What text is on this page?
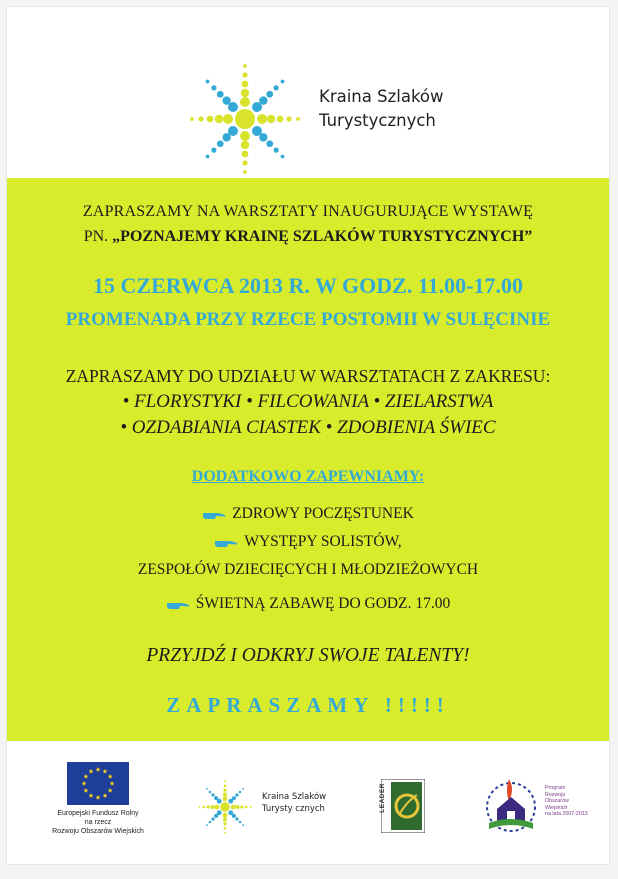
Kraina Szlaków
Turystycznych
ZAPRASZAMY NA WARSZTATY INAUGURUJĄCE WYSTAWĘ
PN. „POZNAJEMY KRAINĘ SZLAKÓW TURYSTYCZNYCH”
15 CZERWCA 2013 R. W GODZ. 11.00-17.00
PROMENADA PRZY RZECE POSTOMII W SULĘCINIE
ZAPRASZAMY DO UDZIAŁU W WARSZTATACH Z ZAKRESU:
• FLORYSTYKI • FILCOWANIA • ZIELARSTWA
• OZDABIANIA CIASTEK • ZDOBIENIA ŚWIEC
DODATKOWO ZAPEWNIAMY:
ZDROWY POCZĘSTUNEK
WYSTĘPY SOLISTÓW,
ZESPOŁÓW DZIECIĘCYCH I MŁODZIEŻOWYCH
ŚWIETNĄ ZABAWĘ DO GODZ. 17.00
PRZYJDŹ I ODKRYJ SWOJE TALENTY!
ZAPRASZAMY !!!!!
Europejski Fundusz Rolny
na rzecz
Rozwoju Obszarów Wiejskich
Kraina Szlaków
Turysty cznych	LEADER	Program
Rozwoju
Obszarów
Wiejskich
na lata 2007-2013
